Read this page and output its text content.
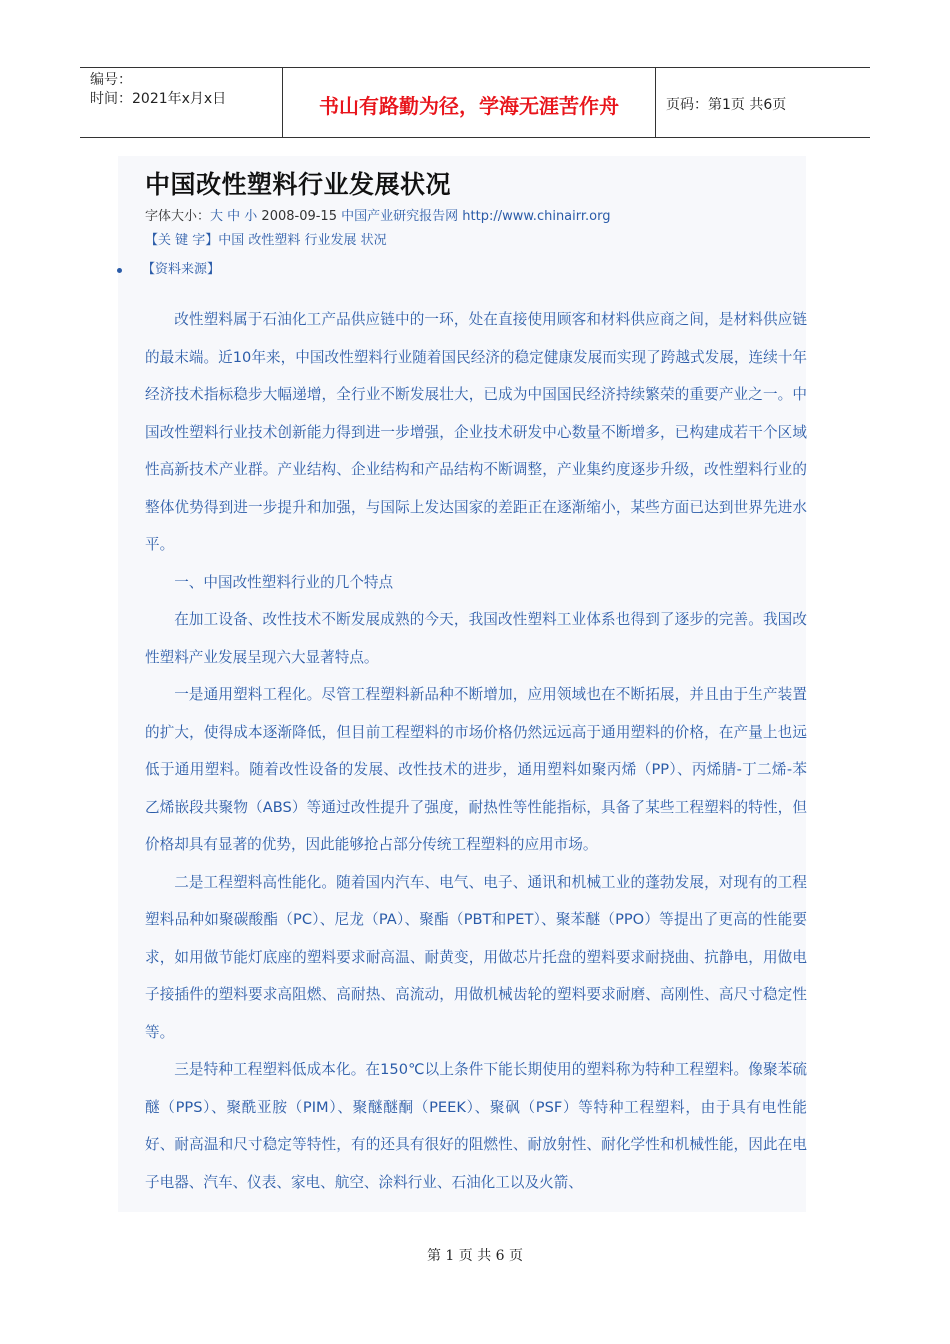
编号：
时间：2021年x月x日	书山有路勤为径，学海无涯苦作舟	页码：第1页 共6页
中国改性塑料行业发展状况
字体大小：大 中 小 2008-09-15 中国产业研究报告网 http://www.chinairr.org
【关 键 字】中国 改性塑料 行业发展 状况
【资料来源】

改性塑料属于石油化工产品供应链中的一环，处在直接使用顾客和材料供应商之间，是材料供应链的最末端。近10年来，中国改性塑料行业随着国民经济的稳定健康发展而实现了跨越式发展，连续十年经济技术指标稳步大幅递增，全行业不断发展壮大，已成为中国国民经济持续繁荣的重要产业之一。中国改性塑料行业技术创新能力得到进一步增强，企业技术研发中心数量不断增多，已构建成若干个区域性高新技术产业群。产业结构、企业结构和产品结构不断调整，产业集约度逐步升级，改性塑料行业的整体优势得到进一步提升和加强，与国际上发达国家的差距正在逐渐缩小，某些方面已达到世界先进水平。

一、中国改性塑料行业的几个特点

在加工设备、改性技术不断发展成熟的今天，我国改性塑料工业体系也得到了逐步的完善。我国改性塑料产业发展呈现六大显著特点。

一是通用塑料工程化。尽管工程塑料新品种不断增加，应用领域也在不断拓展，并且由于生产装置的扩大，使得成本逐渐降低，但目前工程塑料的市场价格仍然远远高于通用塑料的价格，在产量上也远低于通用塑料。随着改性设备的发展、改性技术的进步，通用塑料如聚丙烯（PP）、丙烯腈-丁二烯-苯乙烯嵌段共聚物（ABS）等通过改性提升了强度，耐热性等性能指标，具备了某些工程塑料的特性，但价格却具有显著的优势，因此能够抢占部分传统工程塑料的应用市场。

二是工程塑料高性能化。随着国内汽车、电气、电子、通讯和机械工业的蓬勃发展，对现有的工程塑料品种如聚碳酸酯（PC）、尼龙（PA）、聚酯（PBT和PET）、聚苯醚（PPO）等提出了更高的性能要求，如用做节能灯底座的塑料要求耐高温、耐黄变，用做芯片托盘的塑料要求耐挠曲、抗静电，用做电子接插件的塑料要求高阻燃、高耐热、高流动，用做机械齿轮的塑料要求耐磨、高刚性、高尺寸稳定性等。

三是特种工程塑料低成本化。在150℃以上条件下能长期使用的塑料称为特种工程塑料。像聚苯硫醚（PPS）、聚酰亚胺（PIM）、聚醚醚酮（PEEK）、聚砜（PSF）等特种工程塑料，由于具有电性能好、耐高温和尺寸稳定等特性，有的还具有很好的阻燃性、耐放射性、耐化学性和机械性能，因此在电子电器、汽车、仪表、家电、航空、涂料行业、石油化工以及火箭、

第 1 页 共 6 页
